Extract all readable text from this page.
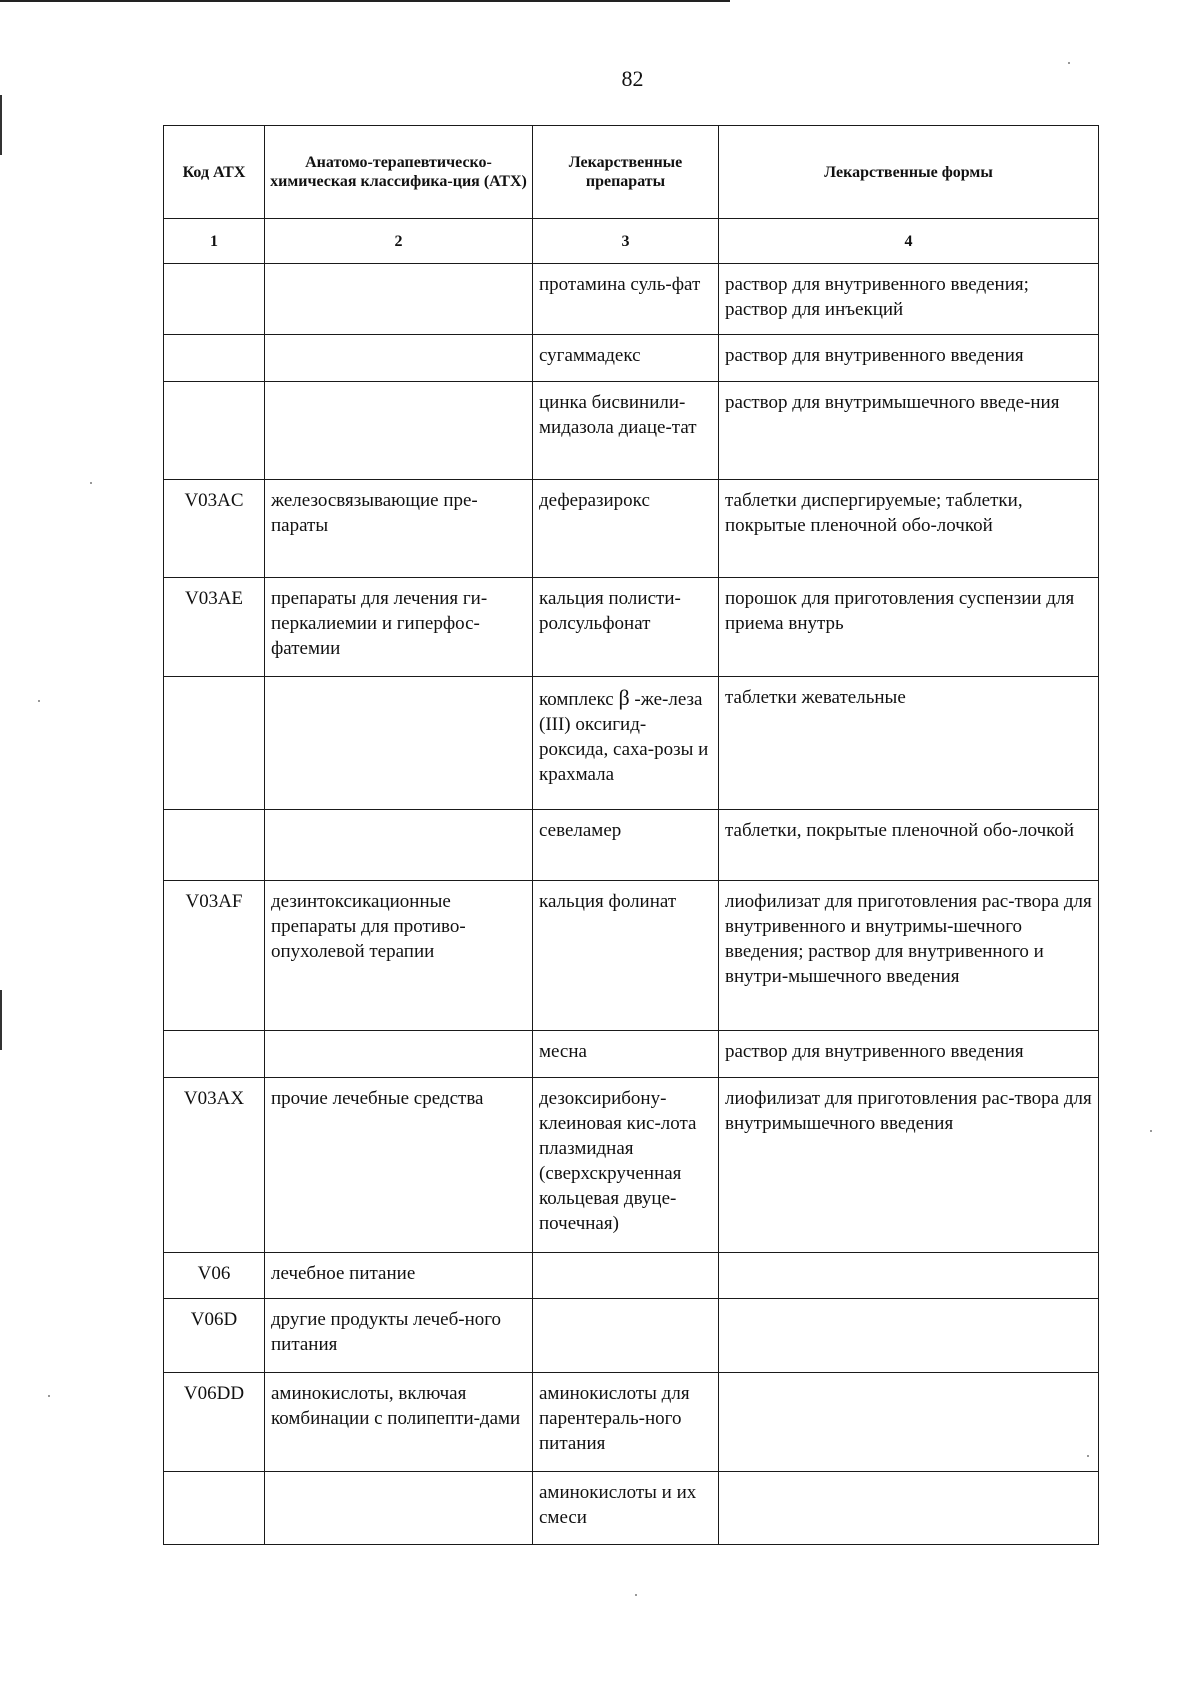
82
Код АТХ	Анатомо-терапевтическо-химическая классифика-ция (АТХ)	Лекарственные препараты	Лекарственные формы
1	2	3	4
		протамина суль-фат	раствор для внутривенного введения; раствор для инъекций
		сугаммадекс	раствор для внутривенного введения
		цинка бисвинили-мидазола диаце-тат	раствор для внутримышечного введе-ния
V03AC	железосвязывающие пре-параты	деферазирокс	таблетки диспергируемые; таблетки, покрытые пленочной обо-лочкой
V03AE	препараты для лечения ги-перкалиемии и гиперфос-фатемии	кальция полисти-ролсульфонат	порошок для приготовления суспензии для приема внутрь
		комплекс β -же-леза (III) оксигид-роксида, саха-розы и крахмала	таблетки жевательные
		севеламер	таблетки, покрытые пленочной обо-лочкой
V03AF	дезинтоксикационные препараты для противо-опухолевой терапии	кальция фолинат	лиофилизат для приготовления рас-твора для внутривенного и внутримы-шечного введения; раствор для внутривенного и внутри-мышечного введения
		месна	раствор для внутривенного введения
V03AX	прочие лечебные средства	дезоксирибону-клеиновая кис-лота плазмидная (сверхскрученная кольцевая двуце-почечная)	лиофилизат для приготовления рас-твора для внутримышечного введения
V06	лечебное питание		
V06D	другие продукты лечеб-ного питания		
V06DD	аминокислоты, включая комбинации с полипепти-дами	аминокислоты для парентераль-ного питания	
		аминокислоты и их смеси	
